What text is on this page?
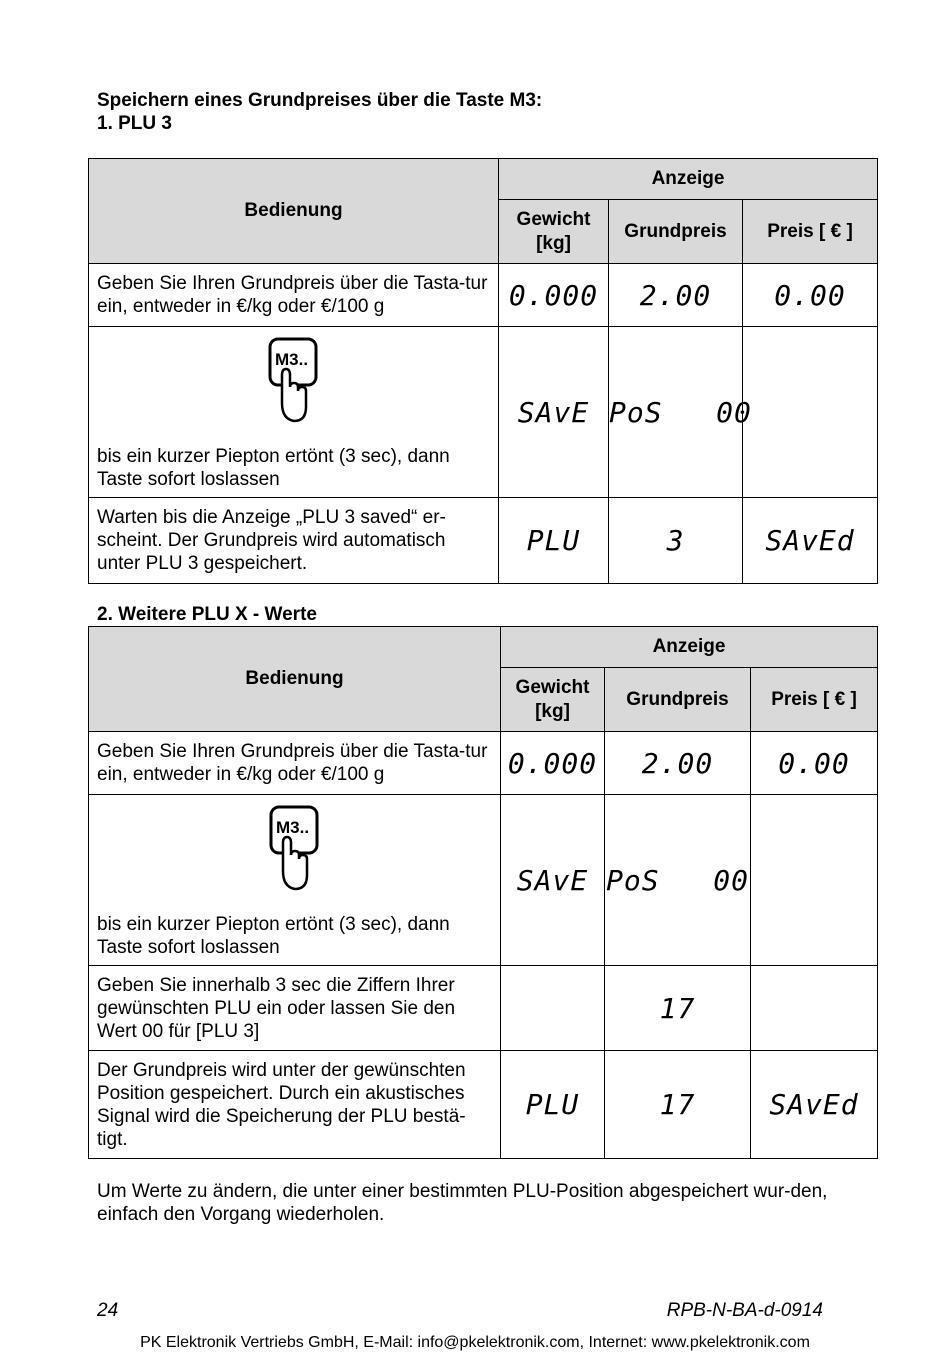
Speichern eines Grundpreises über die Taste M3:
1. PLU 3
Bedienung	Anzeige		
	Gewicht [kg]	Grundpreis	Preis [ € ]
Geben Sie Ihren Grundpreis über die Tasta-tur ein, entweder in €/kg oder €/100 g	0.000	2.00	0.00

M3..
bis ein kurzer Piepton ertönt (3 sec), dann Taste sofort loslassen	SAvE	PoS   00	
Warten bis die Anzeige „PLU 3 saved“ er-scheint. Der Grundpreis wird automatisch unter PLU 3 gespeichert.	PLU	3	SAvEd
2. Weitere PLU X - Werte
Bedienung	Anzeige		
	Gewicht [kg]	Grundpreis	Preis [ € ]
Geben Sie Ihren Grundpreis über die Tasta-tur ein, entweder in €/kg oder €/100 g	0.000	2.00	0.00

M3..
bis ein kurzer Piepton ertönt (3 sec), dann Taste sofort loslassen	SAvE	PoS   00	
Geben Sie innerhalb 3 sec die Ziffern Ihrer gewünschten PLU ein oder lassen Sie den Wert 00 für [PLU 3]		17	
Der Grundpreis wird unter der gewünschten Position gespeichert. Durch ein akustisches Signal wird die Speicherung der PLU bestä-tigt.	PLU	17	SAvEd
Um Werte zu ändern, die unter einer bestimmten PLU-Position abgespeichert wur-den, einfach den Vorgang wiederholen.
24	RPB-N-BA-d-0914
PK Elektronik Vertriebs GmbH, E-Mail: info@pkelektronik.com, Internet: www.pkelektronik.com
